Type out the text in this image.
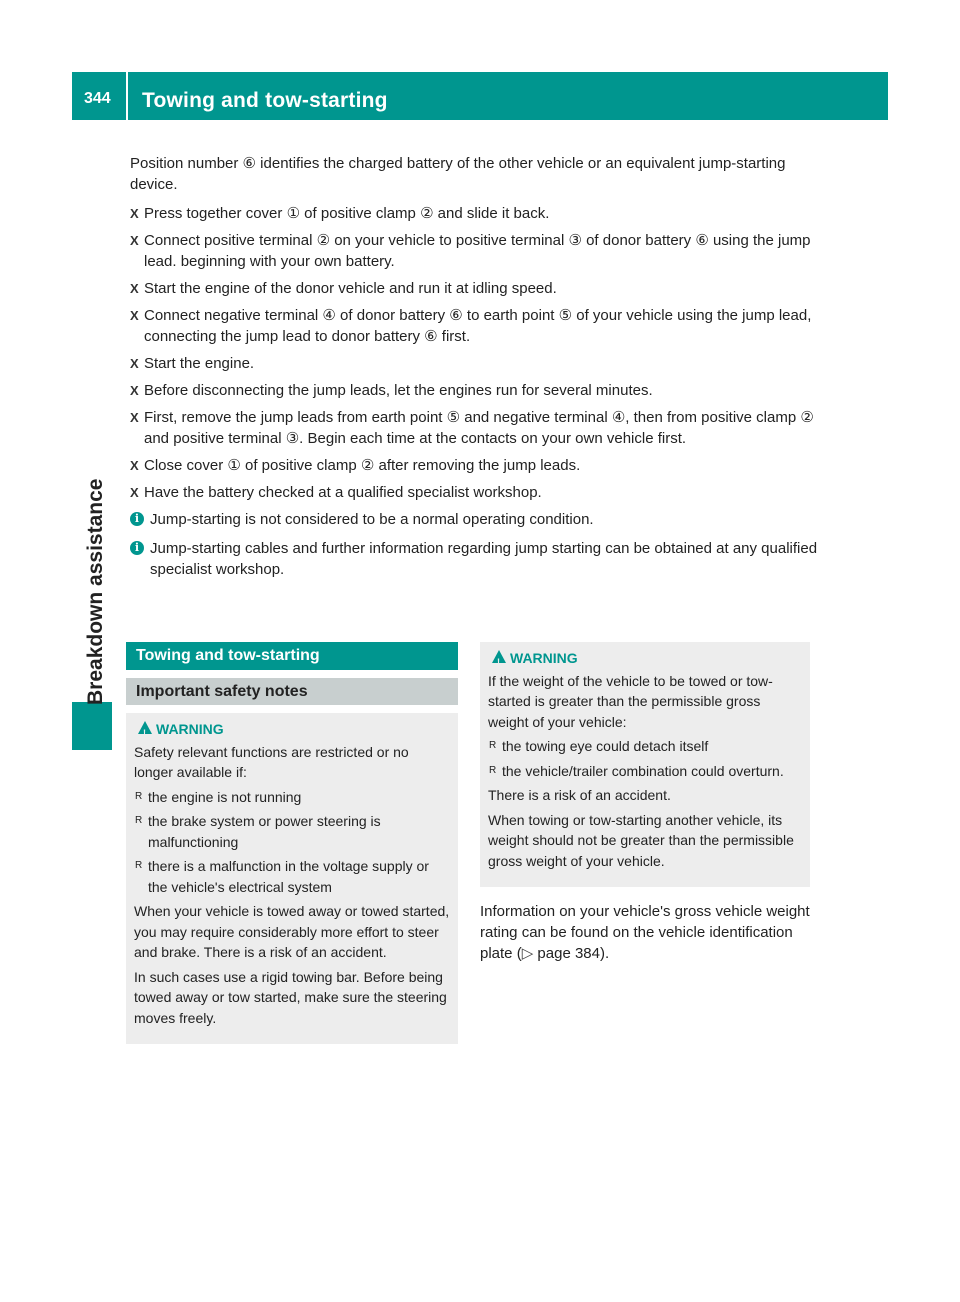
344 Towing and tow-starting
Breakdown assistance

Position number ⑥ identifies the charged battery of the other vehicle or an equivalent jump-starting device.

X Press together cover ① of positive clamp ② and slide it back.
X Connect positive terminal ② on your vehicle to positive terminal ③ of donor battery ⑥ using the jump lead. beginning with your own battery.
X Start the engine of the donor vehicle and run it at idling speed.
X Connect negative terminal ④ of donor battery ⑥ to earth point ⑤ of your vehicle using the jump lead, connecting the jump lead to donor battery ⑥ first.
X Start the engine.
X Before disconnecting the jump leads, let the engines run for several minutes.
X First, remove the jump leads from earth point ⑤ and negative terminal ④, then from positive clamp ② and positive terminal ③. Begin each time at the contacts on your own vehicle first.
X Close cover ① of positive clamp ② after removing the jump leads.
X Have the battery checked at a qualified specialist workshop.
i Jump-starting is not considered to be a normal operating condition.
i Jump-starting cables and further information regarding jump starting can be obtained at any qualified specialist workshop.
Towing and tow-starting
Important safety notes
!
WARNING

Safety relevant functions are restricted or no longer available if:

R the engine is not running
R the brake system or power steering is malfunctioning
R there is a malfunction in the voltage supply or the vehicle's electrical system

When your vehicle is towed away or towed started, you may require considerably more effort to steer and brake. There is a risk of an accident.

In such cases use a rigid towing bar. Before being towed away or tow started, make sure the steering moves freely.

!
WARNING

If the weight of the vehicle to be towed or tow-started is greater than the permissible gross weight of your vehicle:

R the towing eye could detach itself
R the vehicle/trailer combination could overturn.

There is a risk of an accident.

When towing or tow-starting another vehicle, its weight should not be greater than the permissible gross weight of your vehicle.

Information on your vehicle's gross vehicle weight rating can be found on the vehicle identification plate (▷ page 384).
